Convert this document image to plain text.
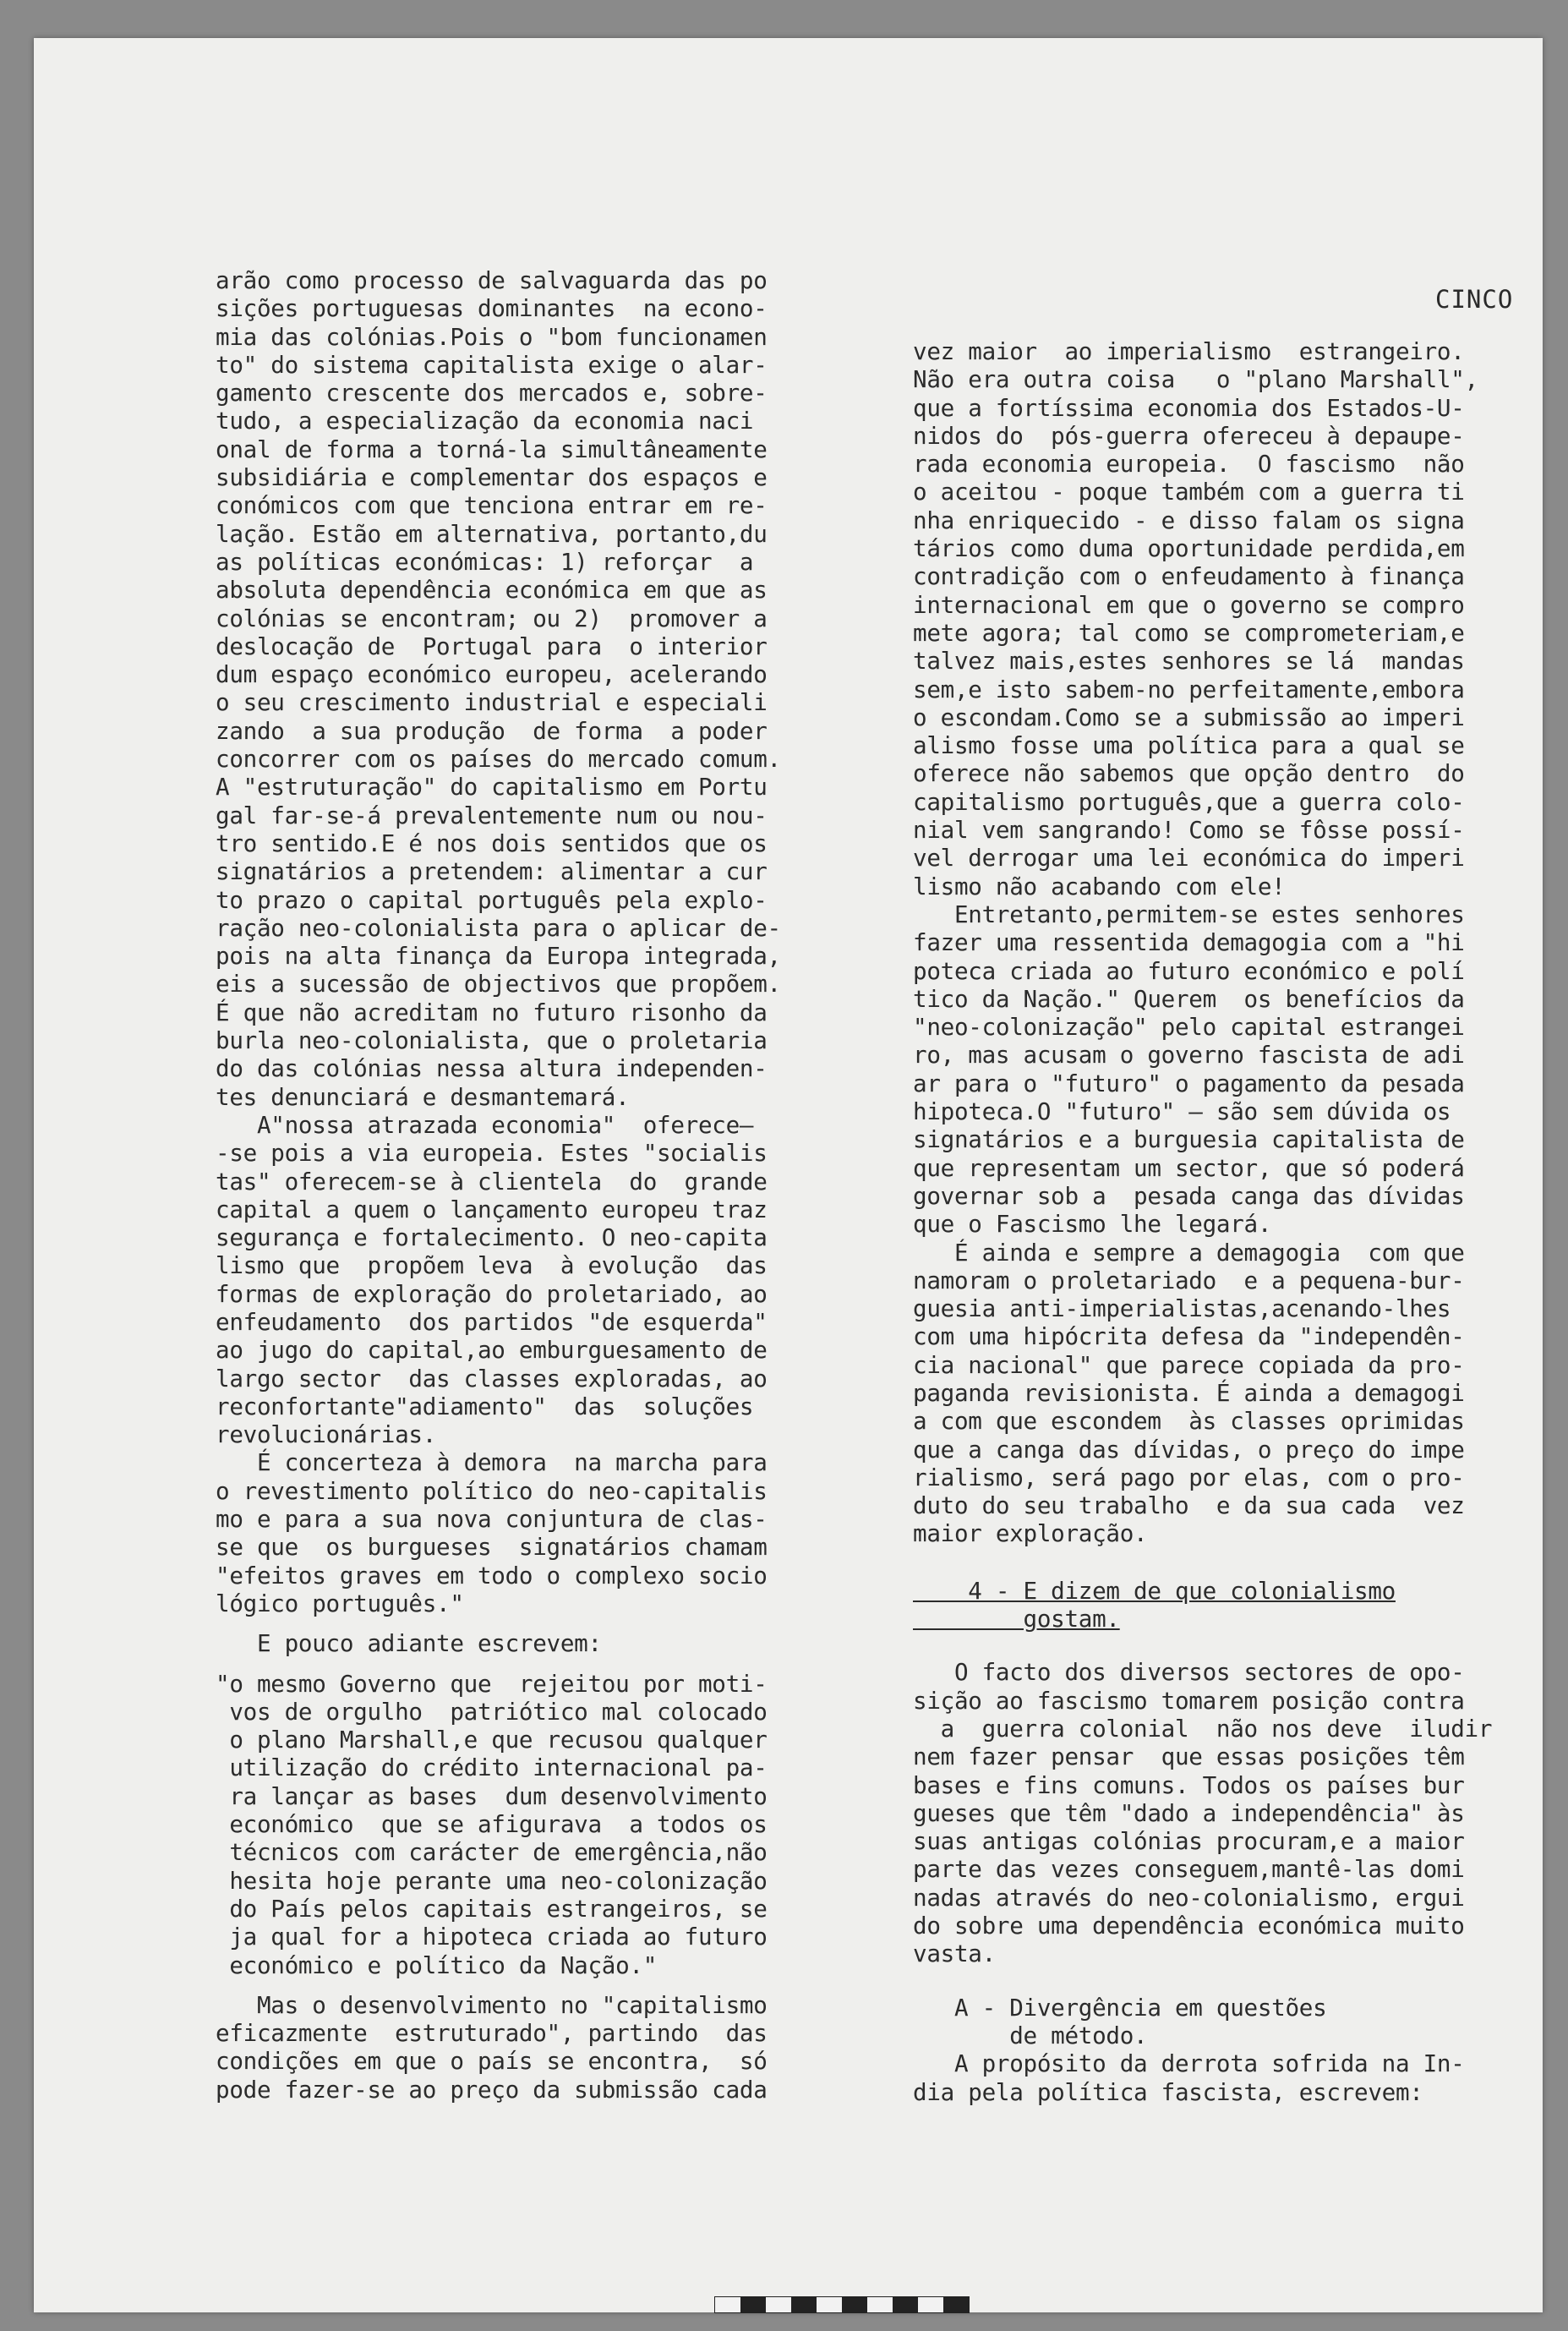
CINCO

arão como processo de salvaguarda das po

sições portuguesas dominantes  na econo-

mia das colónias.Pois o "bom funcionamen

to" do sistema capitalista exige o alar-

gamento crescente dos mercados e, sobre-

tudo, a especialização da economia naci

onal de forma a torná-la simultâneamente

subsidiária e complementar dos espaços e

conómicos com que tenciona entrar em re-

lação. Estão em alternativa, portanto,du

as políticas económicas: 1) reforçar  a

absoluta dependência económica em que as

colónias se encontram; ou 2)  promover a

deslocação de  Portugal para  o interior

dum espaço económico europeu, acelerando

o seu crescimento industrial e especiali

zando  a sua produção  de forma  a poder

concorrer com os países do mercado comum.

A "estruturação" do capitalismo em Portu

gal far-se-á prevalentemente num ou nou-

tro sentido.E é nos dois sentidos que os

signatários a pretendem: alimentar a cur

to prazo o capital português pela explo-

ração neo-colonialista para o aplicar de-

pois na alta finança da Europa integrada,

eis a sucessão de objectivos que propõem.

É que não acreditam no futuro risonho da

burla neo-colonialista, que o proletaria

do das colónias nessa altura independen-

tes denunciará e desmantemará.

A"nossa atrazada economia"  oferece—

-se pois a via europeia. Estes "socialis

tas" oferecem-se à clientela  do  grande

capital a quem o lançamento europeu traz

segurança e fortalecimento. O neo-capita

lismo que  propõem leva  à evolução  das

formas de exploração do proletariado, ao

enfeudamento  dos partidos "de esquerda"

ao jugo do capital,ao emburguesamento de

largo sector  das classes exploradas, ao

reconfortante"adiamento"  das  soluções

revolucionárias.

É concerteza à demora  na marcha para

o revestimento político do neo-capitalis

mo e para a sua nova conjuntura de clas-

se que  os burgueses  signatários chamam

"efeitos graves em todo o complexo socio

lógico português."

E pouco adiante escrevem:

"o mesmo Governo que  rejeitou por moti-

vos de orgulho  patriótico mal colocado

o plano Marshall,e que recusou qualquer

utilização do crédito internacional pa-

ra lançar as bases  dum desenvolvimento

económico  que se afigurava  a todos os

técnicos com carácter de emergência,não

hesita hoje perante uma neo-colonização

do País pelos capitais estrangeiros, se

ja qual for a hipoteca criada ao futuro

económico e político da Nação."

Mas o desenvolvimento no "capitalismo

eficazmente  estruturado", partindo  das

condições em que o país se encontra,  só

pode fazer-se ao preço da submissão cada

vez maior  ao imperialismo  estrangeiro.

Não era outra coisa   o "plano Marshall",

que a fortíssima economia dos Estados-U-

nidos do  pós-guerra ofereceu à depaupe-

rada economia europeia.  O fascismo  não

o aceitou - poque também com a guerra ti

nha enriquecido - e disso falam os signa

tários como duma oportunidade perdida,em

contradição com o enfeudamento à finança

internacional em que o governo se compro

mete agora; tal como se comprometeriam,e

talvez mais,estes senhores se lá  mandas

sem,e isto sabem-no perfeitamente,embora

o escondam.Como se a submissão ao imperi

alismo fosse uma política para a qual se

oferece não sabemos que opção dentro  do

capitalismo português,que a guerra colo-

nial vem sangrando! Como se fôsse possí-

vel derrogar uma lei económica do imperi

lismo não acabando com ele!

Entretanto,permitem-se estes senhores

fazer uma ressentida demagogia com a "hi

poteca criada ao futuro económico e polí

tico da Nação." Querem  os benefícios da

"neo-colonização" pelo capital estrangei

ro, mas acusam o governo fascista de adi

ar para o "futuro" o pagamento da pesada

hipoteca.O "futuro" — são sem dúvida os

signatários e a burguesia capitalista de

que representam um sector, que só poderá

governar sob a  pesada canga das dívidas

que o Fascismo lhe legará.

É ainda e sempre a demagogia  com que

namoram o proletariado  e a pequena-bur-

guesia anti-imperialistas,acenando-lhes

com uma hipócrita defesa da "independên-

cia nacional" que parece copiada da pro-

paganda revisionista. É ainda a demagogi

a com que escondem  às classes oprimidas

que a canga das dívidas, o preço do impe

rialismo, será pago por elas, com o pro-

duto do seu trabalho  e da sua cada  vez

maior exploração.

4 - E dizem de que colonialismo

gostam.

O facto dos diversos sectores de opo-

sição ao fascismo tomarem posição contra

a  guerra colonial  não nos deve  iludir

nem fazer pensar  que essas posições têm

bases e fins comuns. Todos os países bur

gueses que têm "dado a independência" às

suas antigas colónias procuram,e a maior

parte das vezes conseguem,mantê-las domi

nadas através do neo-colonialismo, ergui

do sobre uma dependência económica muito

vasta.

A - Divergência em questões

de método.

A propósito da derrota sofrida na In-

dia pela política fascista, escrevem:
